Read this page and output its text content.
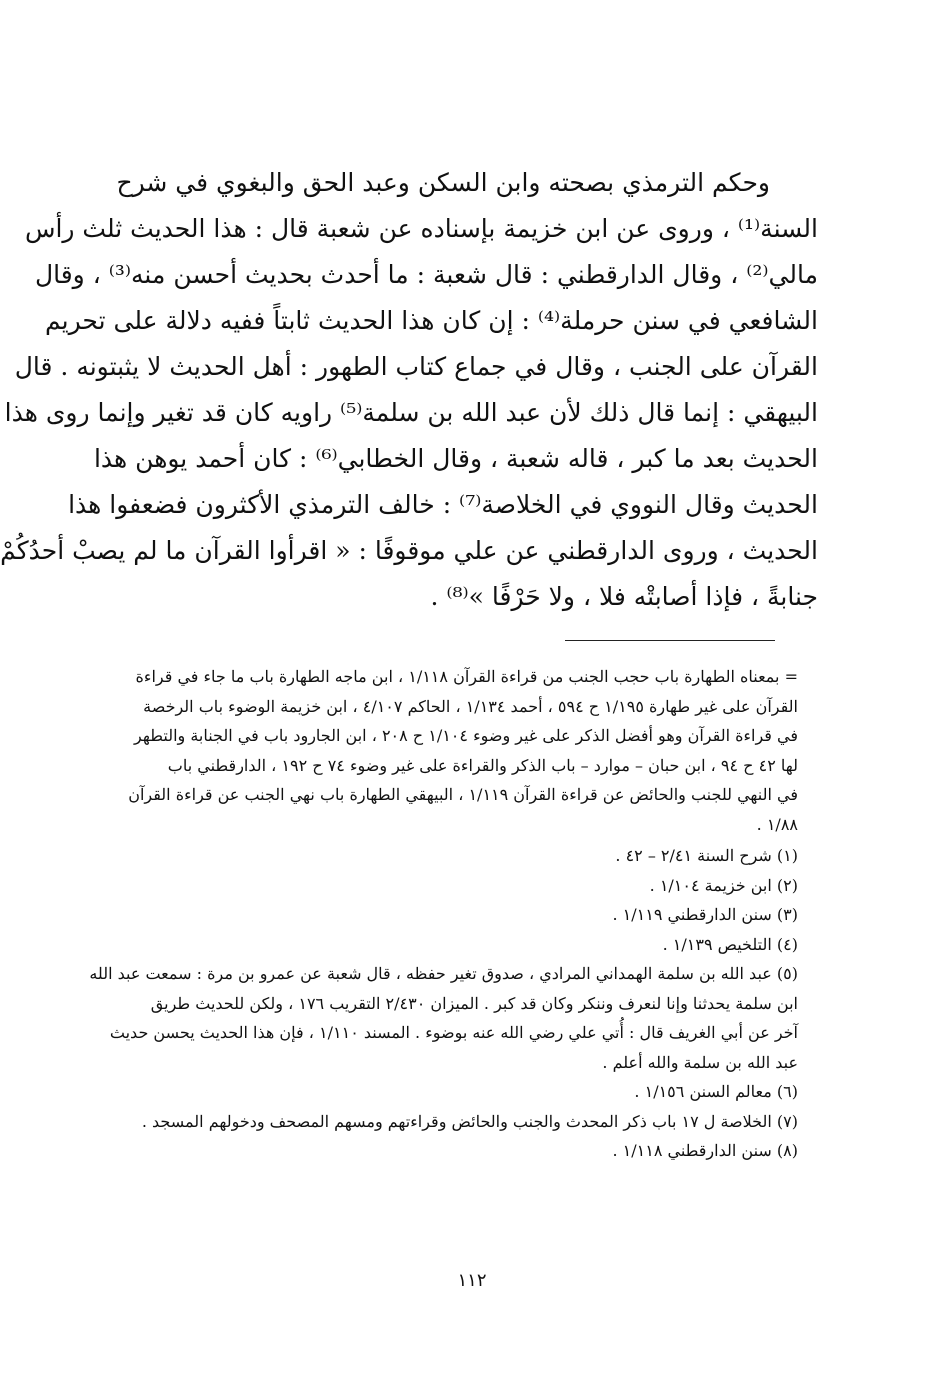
وحكم الترمذي بصحته وابن السكن وعبد الحق والبغوي في شرح
السنة⁽¹⁾ ، وروى عن ابن خزيمة بإسناده عن شعبة قال : هذا الحديث ثلث رأس
مالي⁽²⁾ ، وقال الدارقطني : قال شعبة : ما أحدث بحديث أحسن منه⁽³⁾ ، وقال
الشافعي في سنن حرملة⁽⁴⁾ : إن كان هذا الحديث ثابتاً ففيه دلالة على تحريم
القرآن على الجنب ، وقال في جماع كتاب الطهور : أهل الحديث لا يثبتونه . قال
البيهقي : إنما قال ذلك لأن عبد الله بن سلمة⁽⁵⁾ راويه كان قد تغير وإنما روى هذا
الحديث بعد ما كبر ، قاله شعبة ، وقال الخطابي⁽⁶⁾ : كان أحمد يوهن هذا
الحديث وقال النووي في الخلاصة⁽⁷⁾ : خالف الترمذي الأكثرون فضعفوا هذا
الحديث ، وروى الدارقطني عن علي موقوفًا : « اقرأوا القرآن ما لم يصبْ أحدُكُمْ
جنابةً ، فإذا أصابتْه فلا ، ولا حَرْفًا »⁽⁸⁾ .
= بمعناه الطهارة باب حجب الجنب من قراءة القرآن ١/١١٨ ، ابن ماجه الطهارة باب ما جاء في قراءة
القرآن على غير طهارة ١/١٩٥ ح ٥٩٤ ، أحمد ١/١٣٤ ، الحاكم ٤/١٠٧ ، ابن خزيمة الوضوء باب الرخصة
في قراءة القرآن وهو أفضل الذكر على غير وضوء ١/١٠٤ ح ٢٠٨ ، ابن الجارود باب في الجنابة والتطهر
لها ٤٢ ح ٩٤ ، ابن حبان – موارد – باب الذكر والقراءة على غير وضوء ٧٤ ح ١٩٢ ، الدارقطني باب
في النهي للجنب والحائض عن قراءة القرآن ١/١١٩ ، البيهقي الطهارة باب نهي الجنب عن قراءة القرآن
١/٨٨ .
(١) شرح السنة ٢/٤١ – ٤٢ .
(٢) ابن خزيمة ١/١٠٤ .
(٣) سنن الدارقطني ١/١١٩ .
(٤) التلخيص ١/١٣٩ .
(٥) عبد الله بن سلمة الهمداني المرادي ، صدوق تغير حفظه ، قال شعبة عن عمرو بن مرة : سمعت عبد الله
ابن سلمة يحدثنا وإنا لنعرف وننكر وكان قد كبر . الميزان ٢/٤٣٠ التقريب ١٧٦ ، ولكن للحديث طريق
آخر عن أبي الغريف قال : أُتي علي رضي الله عنه بوضوء . المسند ١/١١٠ ، فإن هذا الحديث يحسن حديث
عبد الله بن سلمة والله أعلم .
(٦) معالم السنن ١/١٥٦ .
(٧) الخلاصة ل ١٧ باب ذكر المحدث والجنب والحائض وقراءتهم ومسهم المصحف ودخولهم المسجد .
(٨) سنن الدارقطني ١/١١٨ .
١١٢
